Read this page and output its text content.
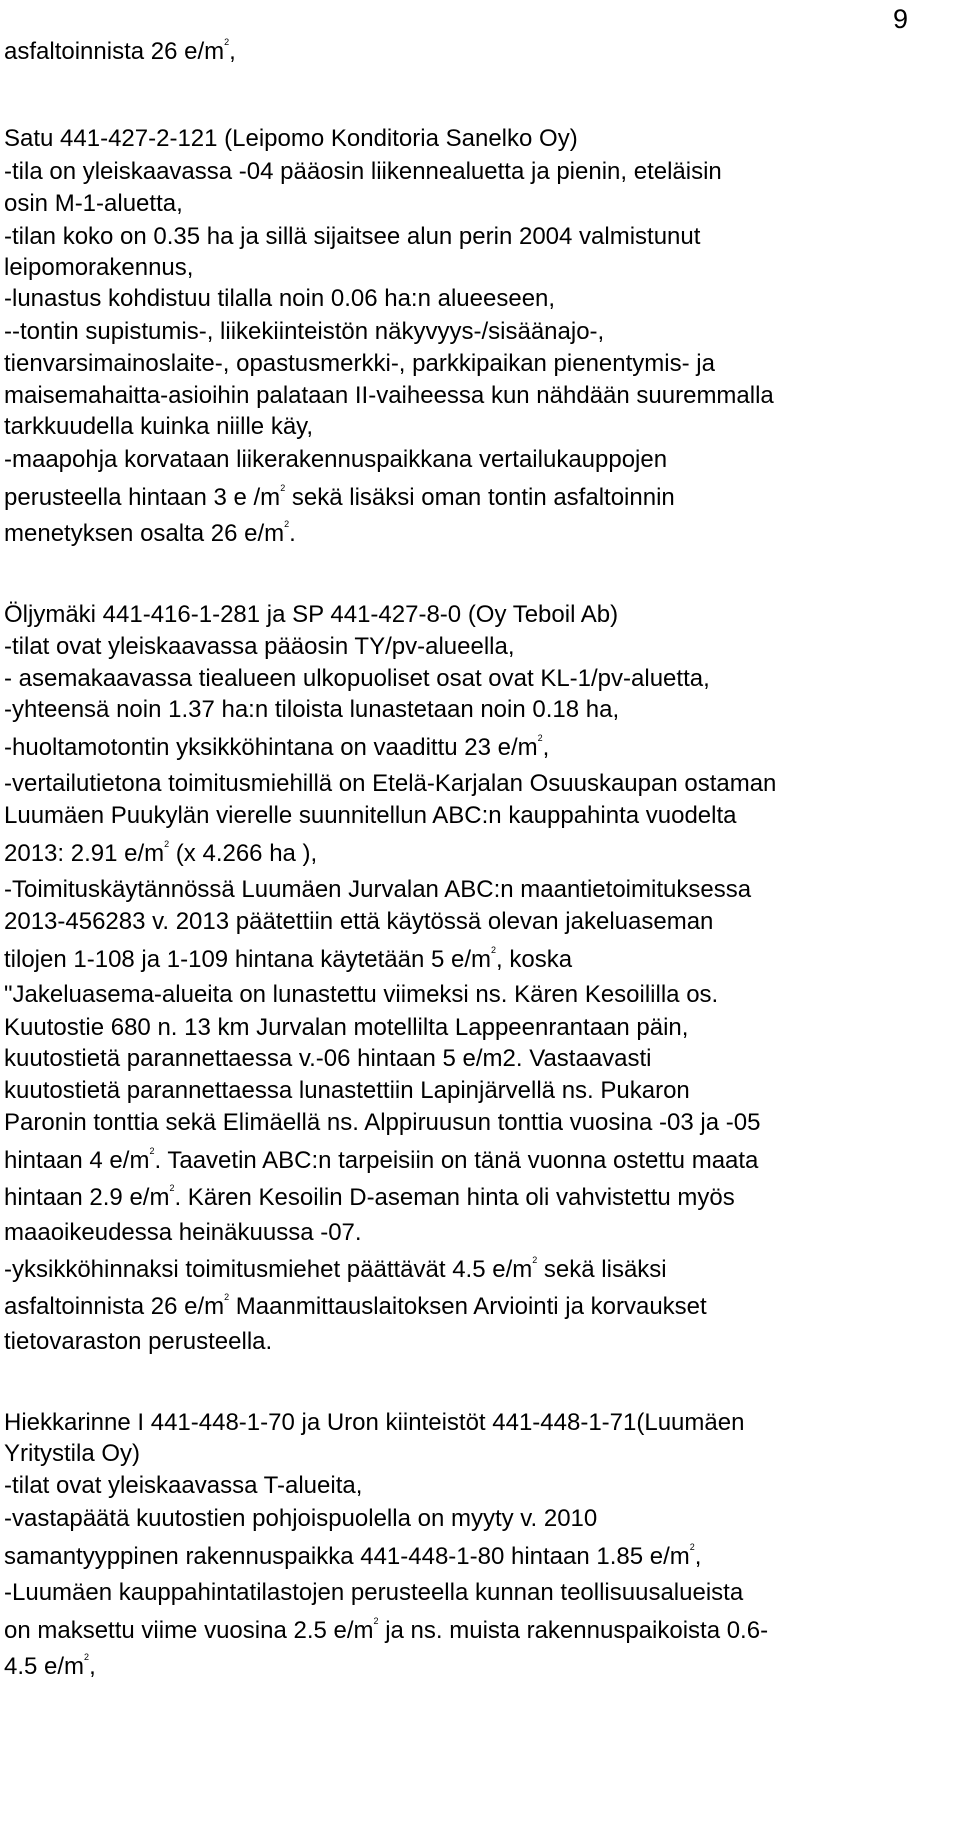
9
asfaltoinnista 26 $e/m^2$,
Satu 441-427-2-121 (Leipomo Konditoria Sanelko Oy)
-tila on yleiskaavassa -04 pääosin liikennealuetta ja pienin, eteläisin
osin M-1-aluetta,
-tilan koko on 0.35 ha ja sillä sijaitsee alun perin 2004 valmistunut
leipomorakennus,
-lunastus kohdistuu tilalla noin 0.06 ha:n alueeseen,
--tontin supistumis-, liikekiinteistön näkyvyys-/sisäänajo-,
tienvarsimainoslaite-, opastusmerkki-, parkkipaikan pienentymis- ja
maisemahaitta-asioihin palataan II-vaiheessa kun nähdään suuremmalla
tarkkuudella kuinka niille käy,
-maapohja korvataan liikerakennuspaikkana vertailukauppojen
perusteella hintaan 3 e $/m^2$ sekä lisäksi oman tontin asfaltoinnin
menetyksen osalta 26 $e/m^2$.
Öljymäki 441-416-1-281 ja SP 441-427-8-0 (Oy Teboil Ab)
-tilat ovat yleiskaavassa pääosin TY/pv-alueella,
- asemakaavassa tiealueen ulkopuoliset osat ovat KL-1/pv-aluetta,
-yhteensä noin 1.37 ha:n tiloista lunastetaan noin 0.18 ha,
-huoltamotontin yksikköhintana on vaadittu 23 $e/m^2$,
-vertailutietona toimitusmiehillä on Etelä-Karjalan Osuuskaupan ostaman
Luumäen Puukylän vierelle suunnitellun ABC:n kauppahinta vuodelta
2013: 2.91 $e/m^2$ (x 4.266 ha ),
-Toimituskäytännössä Luumäen Jurvalan ABC:n maantietoimituksessa
2013-456283 v. 2013 päätettiin että käytössä olevan jakeluaseman
tilojen 1-108 ja 1-109 hintana käytetään 5 $e/m^2$, koska
"Jakeluasema-alueita on lunastettu viimeksi ns. Kären Kesoililla os.
Kuutostie 680 n. 13 km Jurvalan motellilta Lappeenrantaan päin,
kuutostietä parannettaessa v.-06 hintaan 5 e/m2. Vastaavasti
kuutostietä parannettaessa lunastettiin Lapinjärvellä ns. Pukaron
Paronin tonttia sekä Elimäellä ns. Alppiruusun tonttia vuosina -03 ja -05
hintaan 4 $e/m^2$. Taavetin ABC:n tarpeisiin on tänä vuonna ostettu maata
hintaan 2.9 $e/m^2$. Kären Kesoilin D-aseman hinta oli vahvistettu myös
maaoikeudessa heinäkuussa -07.
-yksikköhinnaksi toimitusmiehet päättävät 4.5 $e/m^2$ sekä lisäksi
asfaltoinnista 26 $e/m^2$ Maanmittauslaitoksen Arviointi ja korvaukset
tietovaraston perusteella.
Hiekkarinne I 441-448-1-70 ja Uron kiinteistöt 441-448-1-71(Luumäen
Yritystila Oy)
-tilat ovat yleiskaavassa T-alueita,
-vastapäätä kuutostien pohjoispuolella on myyty v. 2010
samantyyppinen rakennuspaikka 441-448-1-80 hintaan 1.85 $e/m^2$,
-Luumäen kauppahintatilastojen perusteella kunnan teollisuusalueista
on maksettu viime vuosina 2.5 $e/m^2$ ja ns. muista rakennuspaikoista 0.6-
4.5 $e/m^2$,
